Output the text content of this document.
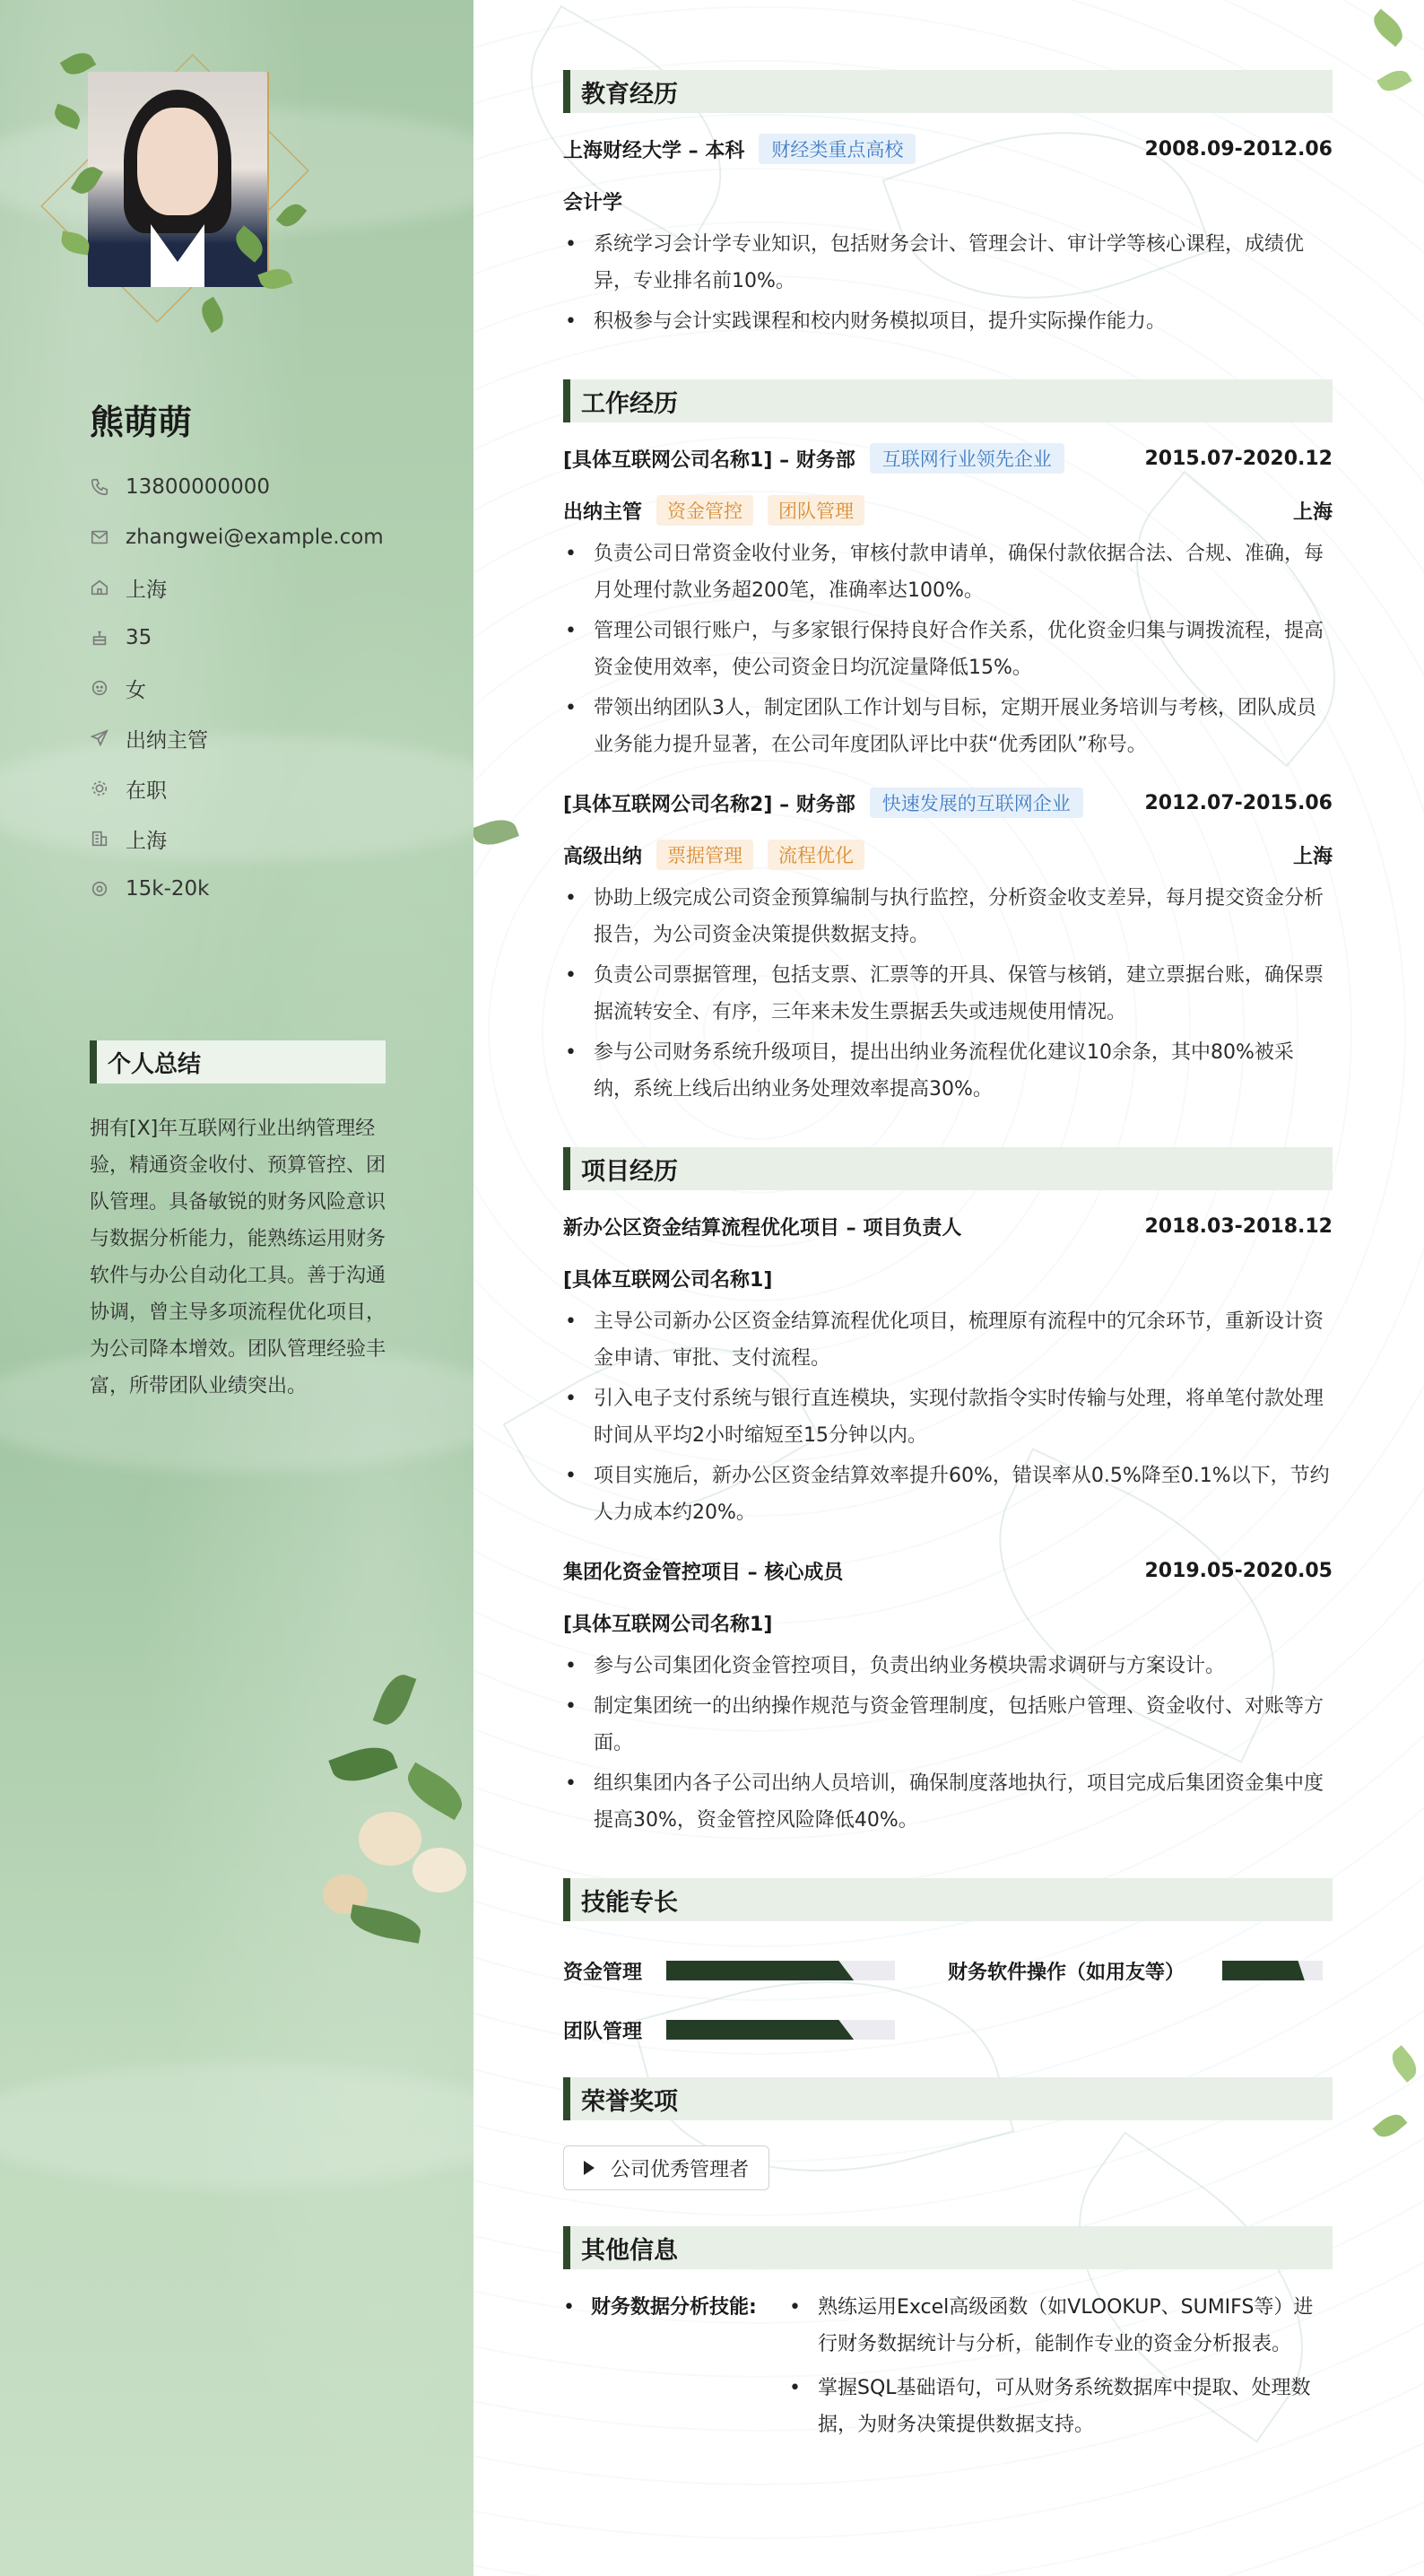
熊萌萌
13800000000
zhangwei@example.com
上海
35
女
出纳主管
在职
上海
15k-20k
个人总结
拥有[X]年互联网行业出纳管理经验，精通资金收付、预算管控、团队管理。具备敏锐的财务风险意识与数据分析能力，能熟练运用财务软件与办公自动化工具。善于沟通协调，曾主导多项流程优化项目，为公司降本增效。团队管理经验丰富，所带团队业绩突出。
教育经历
上海财经大学 – 本科	财经类重点高校	2008.09-2012.06
会计学
• 系统学习会计学专业知识，包括财务会计、管理会计、审计学等核心课程，成绩优异，专业排名前10%。
• 积极参与会计实践课程和校内财务模拟项目，提升实际操作能力。
工作经历
[具体互联网公司名称1] – 财务部	互联网行业领先企业	2015.07-2020.12
出纳主管	资金管控	团队管理	上海
• 负责公司日常资金收付业务，审核付款申请单，确保付款依据合法、合规、准确，每月处理付款业务超200笔，准确率达100%。
• 管理公司银行账户，与多家银行保持良好合作关系，优化资金归集与调拨流程，提高资金使用效率，使公司资金日均沉淀量降低15%。
• 带领出纳团队3人，制定团队工作计划与目标，定期开展业务培训与考核，团队成员业务能力提升显著，在公司年度团队评比中获“优秀团队”称号。
[具体互联网公司名称2] – 财务部	快速发展的互联网企业	2012.07-2015.06
高级出纳	票据管理	流程优化	上海
• 协助上级完成公司资金预算编制与执行监控，分析资金收支差异，每月提交资金分析报告，为公司资金决策提供数据支持。
• 负责公司票据管理，包括支票、汇票等的开具、保管与核销，建立票据台账，确保票据流转安全、有序，三年来未发生票据丢失或违规使用情况。
• 参与公司财务系统升级项目，提出出纳业务流程优化建议10余条，其中80%被采纳，系统上线后出纳业务处理效率提高30%。
项目经历
新办公区资金结算流程优化项目 – 项目负责人	2018.03-2018.12
[具体互联网公司名称1]
• 主导公司新办公区资金结算流程优化项目，梳理原有流程中的冗余环节，重新设计资金申请、审批、支付流程。
• 引入电子支付系统与银行直连模块，实现付款指令实时传输与处理，将单笔付款处理时间从平均2小时缩短至15分钟以内。
• 项目实施后，新办公区资金结算效率提升60%，错误率从0.5%降至0.1%以下，节约人力成本约20%。
集团化资金管控项目 – 核心成员	2019.05-2020.05
[具体互联网公司名称1]
• 参与公司集团化资金管控项目，负责出纳业务模块需求调研与方案设计。
• 制定集团统一的出纳操作规范与资金管理制度，包括账户管理、资金收付、对账等方面。
• 组织集团内各子公司出纳人员培训，确保制度落地执行，项目完成后集团资金集中度提高30%，资金管控风险降低40%。
技能专长
资金管理	财务软件操作（如用友等）
团队管理
荣誉奖项
公司优秀管理者
其他信息
• 财务数据分析技能:
•	熟练运用Excel高级函数（如VLOOKUP、SUMIFS等）进行财务数据统计与分析，能制作专业的资金分析报表。
• 掌握SQL基础语句，可从财务系统数据库中提取、处理数据，为财务决策提供数据支持。
